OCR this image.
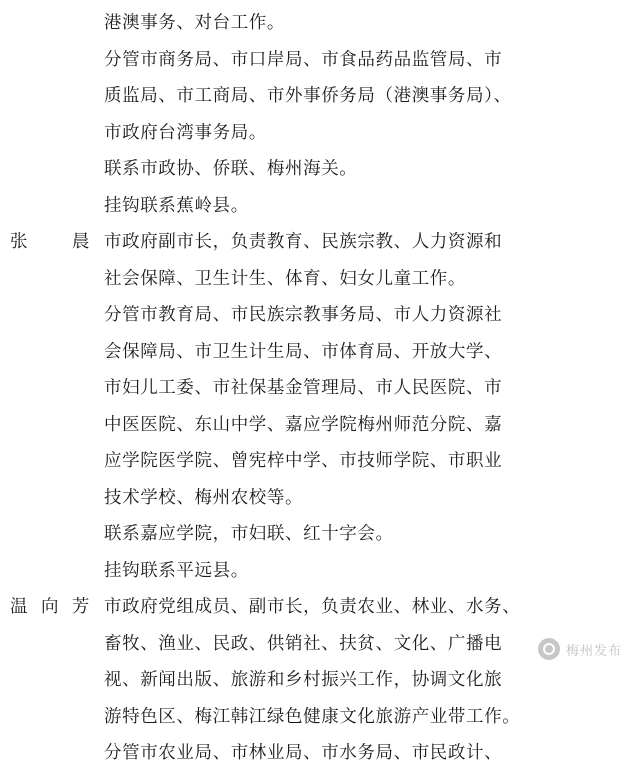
港澳事务、对台工作。
分管市商务局、市口岸局、市食品药品监管局、市
质监局、市工商局、市外事侨务局（港澳事务局）、
市政府台湾事务局。
联系市政协、侨联、梅州海关。
挂钩联系蕉岭县。
张 晨 市政府副市长，负责教育、民族宗教、人力资源和
社会保障、卫生计生、体育、妇女儿童工作。
分管市教育局、市民族宗教事务局、市人力资源社
会保障局、市卫生计生局、市体育局、开放大学、
市妇儿工委、市社保基金管理局、市人民医院、市
中医医院、东山中学、嘉应学院梅州师范分院、嘉
应学院医学院、曾宪梓中学、市技师学院、市职业
技术学校、梅州农校等。
联系嘉应学院，市妇联、红十字会。
挂钩联系平远县。
温向芳 市政府党组成员、副市长，负责农业、林业、水务、
畜牧、渔业、民政、供销社、扶贫、文化、广播电
视、新闻出版、旅游和乡村振兴工作，协调文化旅
游特色区、梅江韩江绿色健康文化旅游产业带工作。
分管市农业局、市林业局、市水务局、市民政计、
梅州发布
